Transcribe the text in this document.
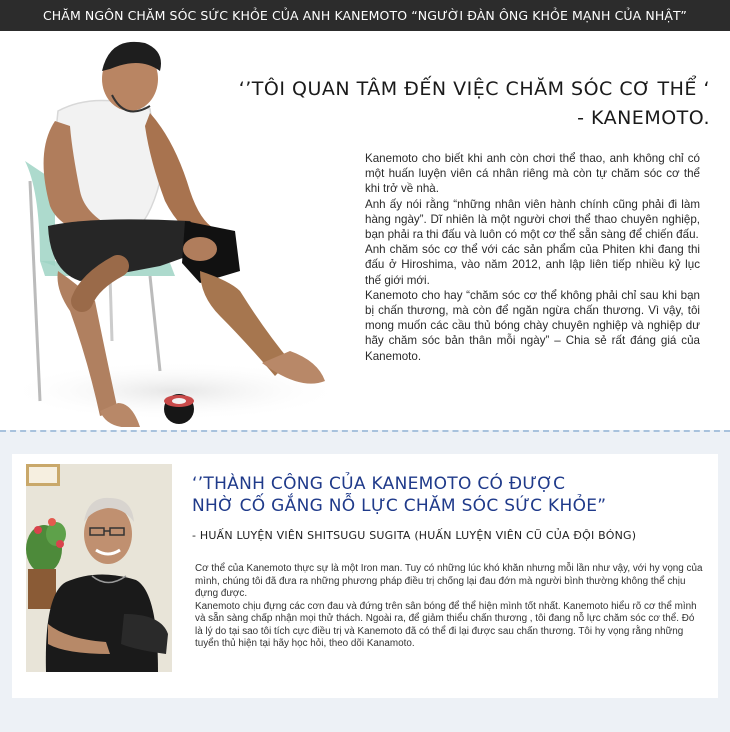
CHĂM NGÔN CHĂM SÓC SỨC KHỎE CỦA ANH KANEMOTO “NGƯỜI ĐÀN ÔNG KHỎE MẠNH CỦA NHẬT”
‘’TÔI QUAN TÂM ĐẾN VIỆC CHĂM SÓC CƠ THỂ ‘
- KANEMOTO.

Kanemoto cho biết khi anh còn chơi thể thao, anh không chỉ có một huấn luyện viên cá nhân riêng mà còn tự chăm sóc cơ thể khi trở về nhà.

Anh ấy nói rằng “những nhân viên hành chính cũng phải đi làm hàng ngày”. Dĩ nhiên là một người chơi thể thao chuyên nghiệp, bạn phải ra thi đấu và luôn có một cơ thể sẵn sàng để chiến đấu.

Anh chăm sóc cơ thể với các sản phẩm của Phiten khi đang thi đấu ở Hiroshima, vào năm 2012, anh lập liên tiếp nhiều kỷ lục thế giới mới.

Kanemoto cho hay “chăm sóc cơ thể không phải chỉ sau khi bạn bị chấn thương, mà còn để ngăn ngừa chấn thương. Vì vậy, tôi mong muốn các cầu thủ bóng chày chuyên nghiệp và nghiệp dư hãy chăm sóc bản thân mỗi ngày” – Chia sẻ rất đáng giá của Kanemoto.

‘’THÀNH CÔNG CỦA KANEMOTO CÓ ĐƯỢC
NHỜ CỐ GẮNG NỖ LỰC CHĂM SÓC SỨC KHỎE”
- HUẤN LUYỆN VIÊN SHITSUGU SUGITA (HUẤN LUYỆN VIÊN CŨ CỦA ĐỘI BÓNG)

Cơ thể của Kanemoto thực sự là một Iron man. Tuy có những lúc khó khăn nhưng mỗi lần như vậy, với hy vọng của mình, chúng tôi đã đưa ra những phương pháp điều trị chống lại đau đớn mà người bình thường không thể chịu đựng được.

Kanemoto chịu đựng các cơn đau và đứng trên sân bóng để thể hiện mình tốt nhất. Kanemoto hiểu rõ cơ thể mình và sẵn sàng chấp nhận mọi thử thách. Ngoài ra, để giảm thiểu chấn thương , tôi đang nỗ lực chăm sóc cơ thể. Đó là lý do tại sao tôi tích cực điều trị và Kanemoto đã có thể đi lại được sau chấn thương. Tôi hy vọng rằng những tuyển thủ hiện tại hãy học hỏi, theo dõi Kanamoto.
